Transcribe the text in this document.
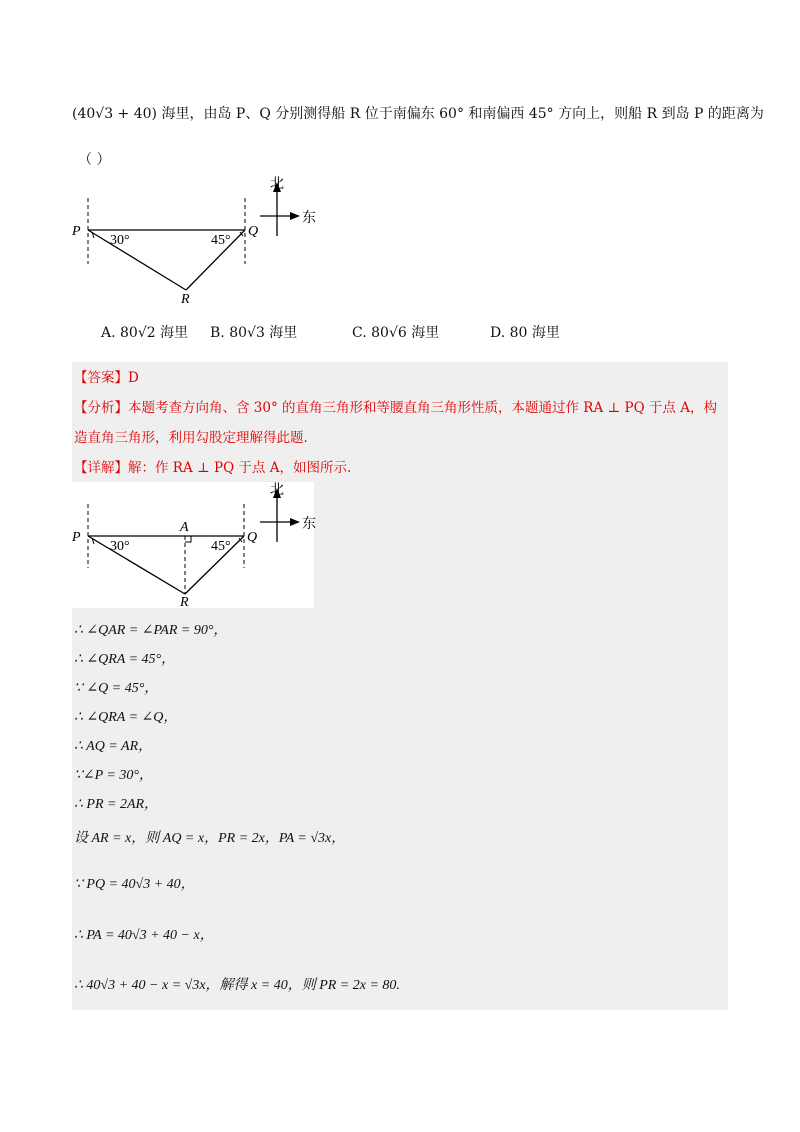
(40√3 + 40) 海里，由岛 P、Q 分别测得船 R 位于南偏东 60° 和南偏西 45° 方向上，则船 R 到岛 P 的距离为
（ ）
P	Q
R
30°	45°
北
东
A. 80√2 海里 B. 80√3 海里	C. 80√6 海里	D. 80 海里
【答案】D
【分析】本题考查方向角、含 30° 的直角三角形和等腰直角三角形性质，本题通过作 RA ⊥ PQ 于点 A，构
造直角三角形，利用勾股定理解得此题.
【详解】解：作 RA ⊥ PQ 于点 A，如图所示.
P	Q
R
A
30°	45°
北
东
∴ ∠QAR = ∠PAR = 90°，
∴ ∠QRA = 45°，
∵ ∠Q = 45°，
∴ ∠QRA = ∠Q，
∴ AQ = AR，
∵∠P = 30°，
∴ PR = 2AR，
设 AR = x，则 AQ = x，PR = 2x，PA = √3x，
∵ PQ = 40√3 + 40，
∴ PA = 40√3 + 40 − x，
∴ 40√3 + 40 − x = √3x，解得 x = 40，则 PR = 2x = 80.
